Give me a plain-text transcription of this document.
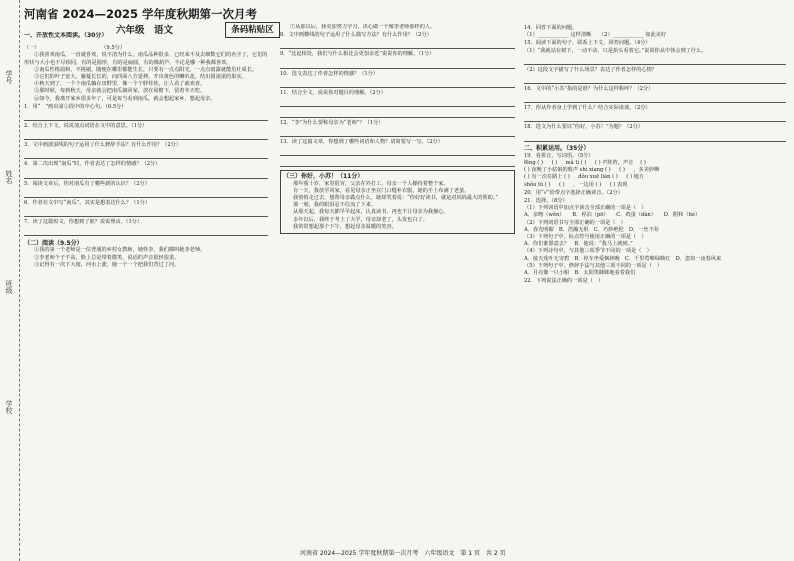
学号
姓名
班级
学校
河南省 2024—2025 学年度秋期第一次月考
六年级　语文	条码粘贴区
一、开放性文本阅读。（30分）
（一）	（9.5分）
①我喜欢南瓜，一直就喜欢，说不清为什么。南瓜品种很多，已经来不及去细数它们的名字了，它们的形状与大小也不尽相同，有的是圆形，有的是扁圆，有的像葫芦，不论是哪一种我都喜欢。
②南瓜性格温和，不挑剔，随便在哪里都能生长，只要有一点点阳光、一点点雨露就能茁壮成长。
③它们的叶子宽大，藤蔓长长的，向四面八方延伸，开出黄色的喇叭花，结出圆滚滚的果实。
④秋天到了，一个个南瓜躺在田野里，像一个个胖娃娃，让人看了就欢喜。
⑤那时候，每到秋天，母亲就会把南瓜摘回家，放在屋檐下，留着冬天吃。
⑥如今，我离开家乡很多年了，可是每当看到南瓜，就会想起家乡，想起母亲。
1．用“　”画出第①段中的中心句。（0.5分）
2．结合上下文，说说加点词语在文中的意思。（1分）
3．文中画波浪线的句子运用了什么修辞手法？有什么作用？（2分）
4．第二次出现“南瓜”时，作者表达了怎样的情感？（2分）
5．阅读文章后，你对南瓜有了哪些新的认识？（2分）
6．作者在文中写“南瓜”，其实是想表达什么？（1分）
7．读了这篇短文，你想到了谁？说说理由。（1分）
（二）阅读（9.5分）
①我的第一个老师是一位普通的乡村女教师，她姓李，我们都叫她李老师。
②李老师个子不高，脸上总是带着微笑，说话的声音很轻很柔。
③记得有一次下大雨，河水上涨，她一个一个把我们背过了河。
⑦从那以后，我更加努力学习，决心做一个像李老师那样的人。
8．文中画横线的句子运用了什么描写方法？有什么作用？（2分）
9．“比起相处，我们与什么相比会更加亲近”说说你的理解。（1分）
10．选文表达了作者怎样的情感？（1分）
11．结合全文，说说你对题目的理解。（2分）
12．“李”为什么要称母亲为“老师”？（1分）
13．读了这篇文章，你想到了哪些词语和人物？请简要写一写。（2分）
（三）你好，小苏！（11分）
那年我十岁，家里很穷，父亲在外打工，母亲一个人操持着整个家。
有一天，我放学回家，看见母亲正坐在门口缝补衣服，她的手上布满了老茧。
我悄悄走过去，想帮母亲做点什么，她却笑着说：“你好好读书，就是对妈妈最大的帮助。”
那一刻，我的眼泪忍不住流了下来。
从那天起，我每天都早早起床，认真读书，再也不让母亲为我操心。
多年以后，我终于考上了大学，母亲却老了，头发也白了。
我常常想起那个下午，想起母亲温暖的笑容。
14．回答下面的问题。
（1）____________ 这样清晰　　（2）____________ 如此美好
15．阅读下面的句子，联系上下文，回答问题。（4分）
（1）“我就站在树下，一动不动，只是抬头看着它。”说说你从中体会到了什么。
（2）这段文字描写了什么场景？表达了作者怎样的心情？
16．文中的“小苏”指的是谁？为什么这样称呼？（2分）
17．你从作者身上学到了什么？结合实际谈谈。（2分）
18．选文为什么要以“你好，小苏！”为题？（2分）
二、积累运用。（35分）
19．看拼音，写词语。（5分）
fēng ( ) 　 ( ) 　 mǎ tí ( ) 　 ( ) 声阵阵，声音　 ( )
( ) 夜晚了小姑娘的歌声 shì xiang ( ) 　 ( ) 　 ，多美妙啊
( ) 有一次在路上 ( ) 　 dǒu xuē lián ( ) 　 ( ) 地方
shǒu lú ( ) 　 ( ) 　 ，一边用 ( ) 　 ( ) 表现
20．用“√”给带点字选择正确读音。（2分）
21．选择。（8分）
（1）下列词语中加点字读音全部正确的一项是（　）
A．亲吻（wěn）　　B．停泊（pō）　　C．鸡蛋（dàn）　　D．附和（hè）
（2）下列词语书写全部正确的一项是（　）
A．春光明媚　B．浩瀚无垠　C．巧妙绝伦　D．一丝不苟
（3）下列句子中，标点符号使用正确的一项是（　）
A．你们谁愿意去？　B．他说：“我马上就到。”
（4）下列诗句中，与其他三项季节不同的一项是（　）
A．接天莲叶无穷碧　B．停车坐爱枫林晚　C．千里莺啼绿映红　D．忽如一夜春风来
（5）下列句子中，修辞手法与其他三项不同的一项是（　）
A．月亮像一只小船　B．太阳笑眯眯地看着我们
22．下列说法正确的一项是（　）
河南省 2024—2025 学年度秋期第一次月考　六年级语文　第 1 页　共 2 页
